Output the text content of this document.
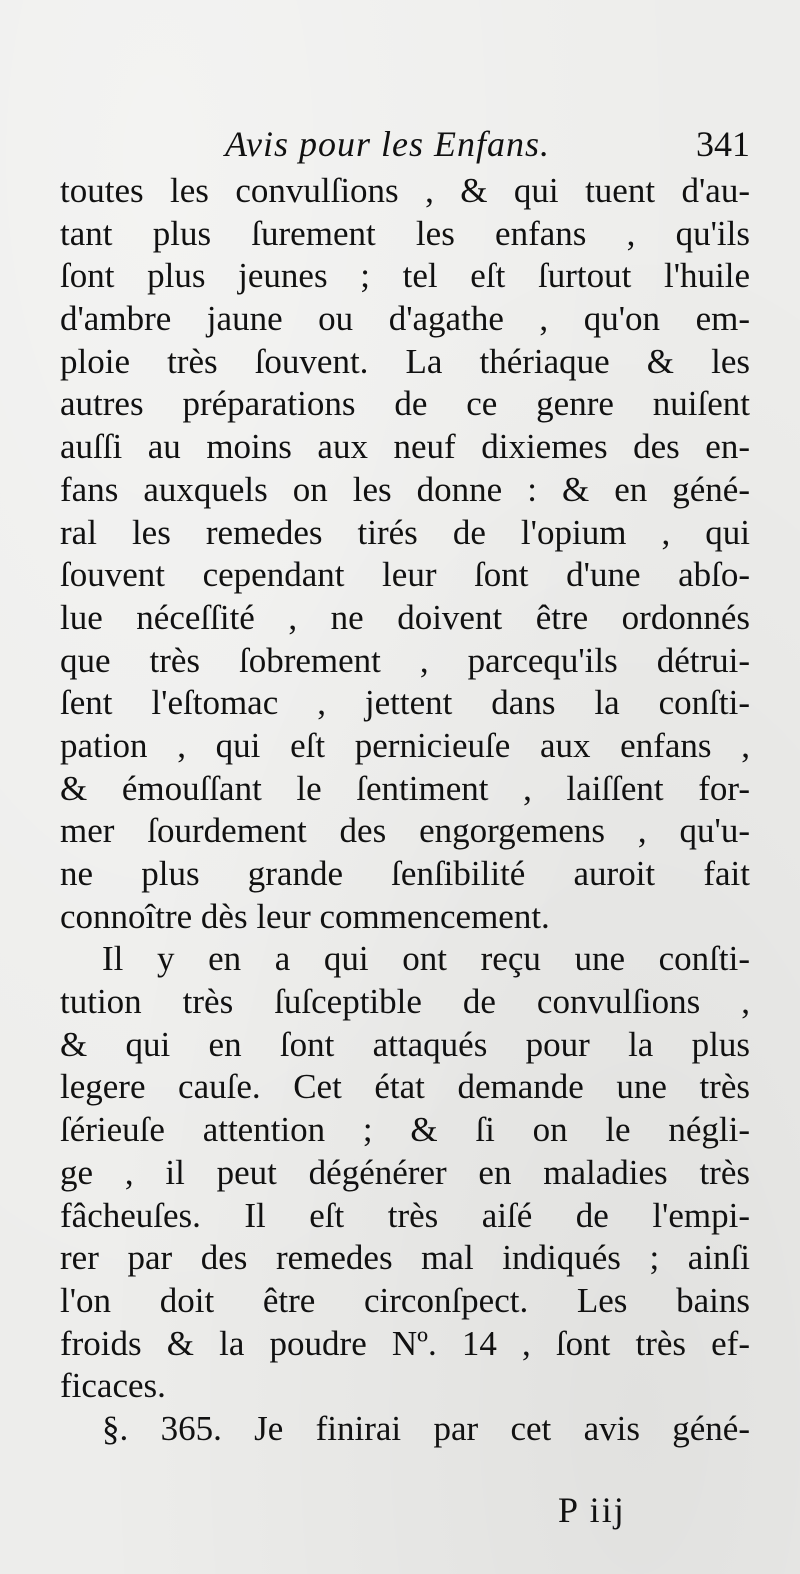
Avis pour les Enfans.	341
toutes les convulſions , & qui tuent d'au-
tant plus ſurement les enfans , qu'ils
ſont plus jeunes ; tel eſt ſurtout l'huile
d'ambre jaune ou d'agathe , qu'on em-
ploie très ſouvent. La thériaque & les
autres préparations de ce genre nuiſent
auſſi au moins aux neuf dixiemes des en-
fans auxquels on les donne : & en géné-
ral les remedes tirés de l'opium , qui
ſouvent cependant leur ſont d'une abſo-
lue néceſſité , ne doivent être ordonnés
que très ſobrement , parcequ'ils détrui-
ſent l'eſtomac , jettent dans la conſti-
pation , qui eſt pernicieuſe aux enfans ,
& émouſſant le ſentiment , laiſſent for-
mer ſourdement des engorgemens , qu'u-
ne plus grande ſenſibilité auroit fait
connoître dès leur commencement.
Il y en a qui ont reçu une conſti-
tution très ſuſceptible de convulſions ,
& qui en ſont attaqués pour la plus
legere cauſe. Cet état demande une très
ſérieuſe attention ; & ſi on le négli-
ge , il peut dégénérer en maladies très
fâcheuſes. Il eſt très aiſé de l'empi-
rer par des remedes mal indiqués ; ainſi
l'on doit être circonſpect. Les bains
froids & la poudre Nº. 14 , ſont très ef-
ficaces.
§. 365. Je finirai par cet avis géné-
P iij
